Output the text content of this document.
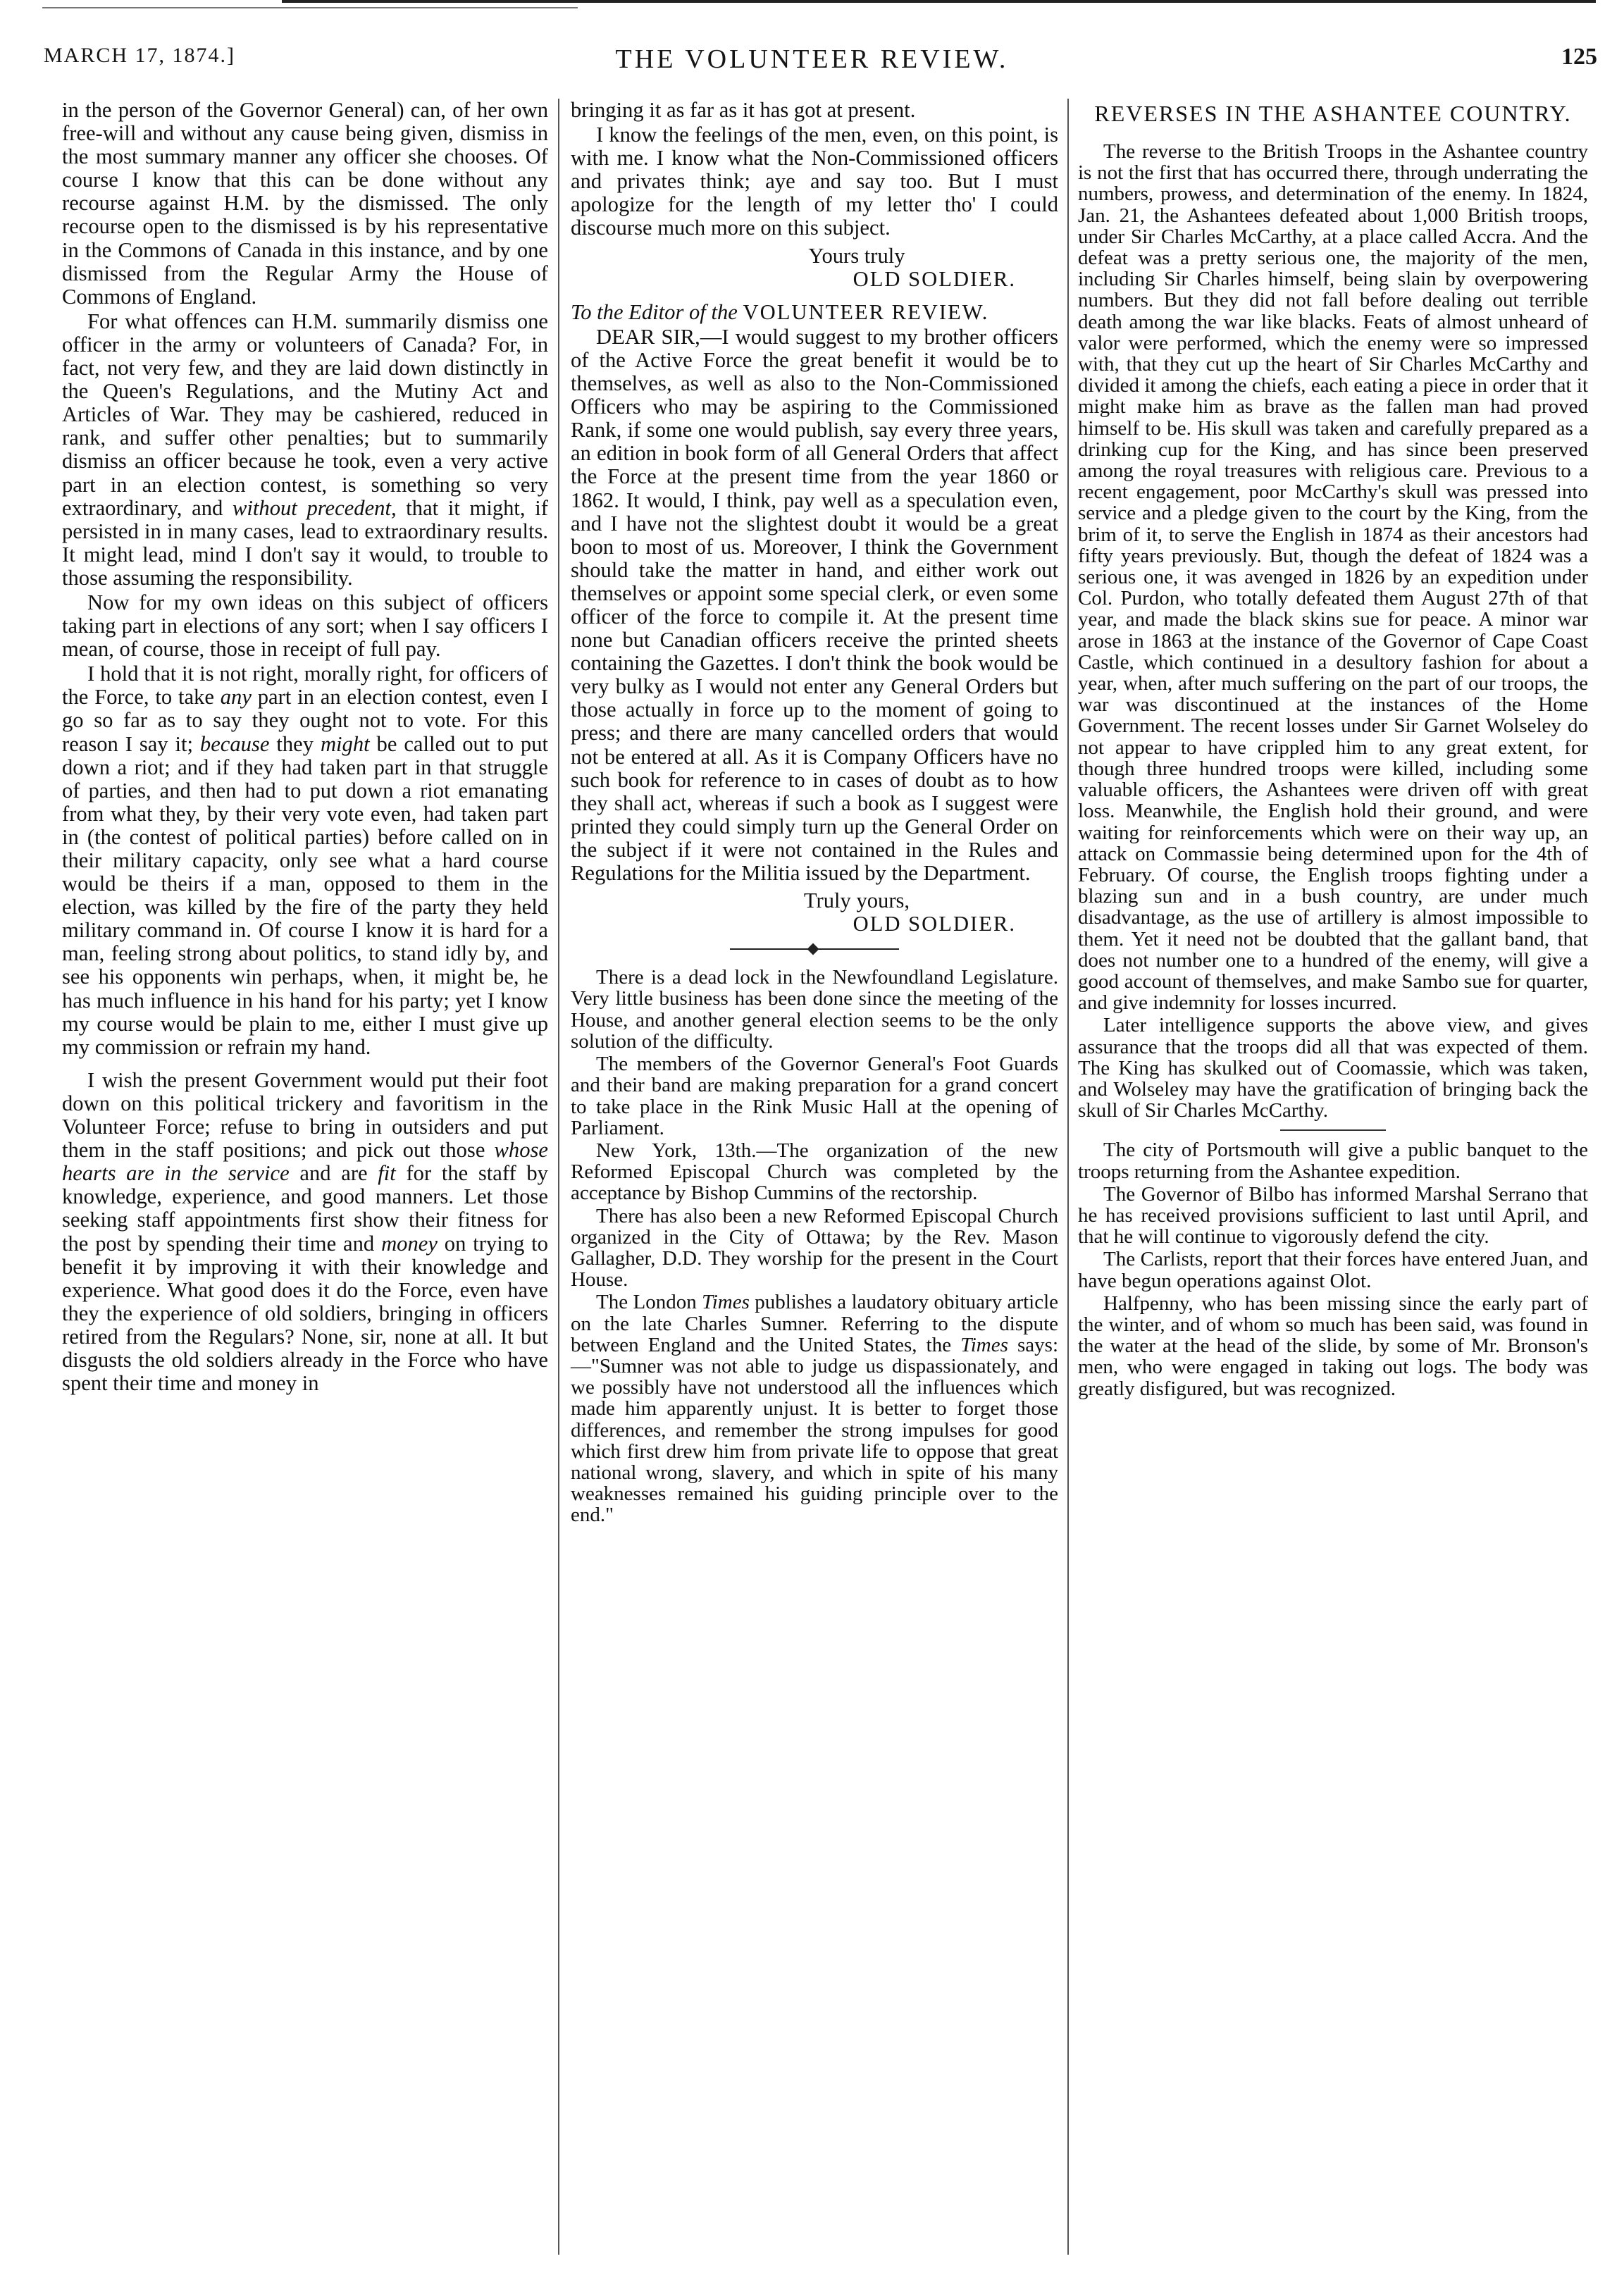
MARCH 17, 1874.]	THE VOLUNTEER REVIEW.	125

in the person of the Governor General) can, of her own free-will and without any cause being given, dismiss in the most summary manner any officer she chooses. Of course I know that this can be done without any recourse against H.M. by the dismissed. The only recourse open to the dismissed is by his representative in the Commons of Canada in this instance, and by one dismissed from the Regular Army the House of Commons of England.

For what offences can H.M. summarily dismiss one officer in the army or volunteers of Canada? For, in fact, not very few, and they are laid down distinctly in the Queen's Regulations, and the Mutiny Act and Articles of War. They may be cashiered, reduced in rank, and suffer other penalties; but to summarily dismiss an officer because he took, even a very active part in an election contest, is something so very extraordinary, and without precedent, that it might, if persisted in in many cases, lead to extraordinary results. It might lead, mind I don't say it would, to trouble to those assuming the responsibility.

Now for my own ideas on this subject of officers taking part in elections of any sort; when I say officers I mean, of course, those in receipt of full pay.

I hold that it is not right, morally right, for officers of the Force, to take any part in an election contest, even I go so far as to say they ought not to vote. For this reason I say it; because they might be called out to put down a riot; and if they had taken part in that struggle of parties, and then had to put down a riot emanating from what they, by their very vote even, had taken part in (the contest of political parties) before called on in their military capacity, only see what a hard course would be theirs if a man, opposed to them in the election, was killed by the fire of the party they held military command in. Of course I know it is hard for a man, feeling strong about politics, to stand idly by, and see his opponents win perhaps, when, it might be, he has much influence in his hand for his party; yet I know my course would be plain to me, either I must give up my commission or refrain my hand.

I wish the present Government would put their foot down on this political trickery and favoritism in the Volunteer Force; refuse to bring in outsiders and put them in the staff positions; and pick out those whose hearts are in the service and are fit for the staff by knowledge, experience, and good manners. Let those seeking staff appointments first show their fitness for the post by spending their time and money on trying to benefit it by improving it with their knowledge and experience. What good does it do the Force, even have they the experience of old soldiers, bringing in officers retired from the Regulars? None, sir, none at all. It but disgusts the old soldiers already in the Force who have spent their time and money in

bringing it as far as it has got at present.

I know the feelings of the men, even, on this point, is with me. I know what the Non-Commissioned officers and privates think; aye and say too. But I must apologize for the length of my letter tho' I could discourse much more on this subject.

Yours truly
OLD SOLDIER.

To the Editor of the VOLUNTEER REVIEW.

DEAR SIR,—I would suggest to my brother officers of the Active Force the great benefit it would be to themselves, as well as also to the Non-Commissioned Officers who may be aspiring to the Commissioned Rank, if some one would publish, say every three years, an edition in book form of all General Orders that affect the Force at the present time from the year 1860 or 1862. It would, I think, pay well as a speculation even, and I have not the slightest doubt it would be a great boon to most of us. Moreover, I think the Government should take the matter in hand, and either work out themselves or appoint some special clerk, or even some officer of the force to compile it. At the present time none but Canadian officers receive the printed sheets containing the Gazettes. I don't think the book would be very bulky as I would not enter any General Orders but those actually in force up to the moment of going to press; and there are many cancelled orders that would not be entered at all. As it is Company Officers have no such book for reference to in cases of doubt as to how they shall act, whereas if such a book as I suggest were printed they could simply turn up the General Order on the subject if it were not contained in the Rules and Regulations for the Militia issued by the Department.

Truly yours,
OLD SOLDIER.

There is a dead lock in the Newfoundland Legislature. Very little business has been done since the meeting of the House, and another general election seems to be the only solution of the difficulty.

The members of the Governor General's Foot Guards and their band are making preparation for a grand concert to take place in the Rink Music Hall at the opening of Parliament.

New York, 13th.—The organization of the new Reformed Episcopal Church was completed by the acceptance by Bishop Cummins of the rectorship.

There has also been a new Reformed Episcopal Church organized in the City of Ottawa; by the Rev. Mason Gallagher, D.D. They worship for the present in the Court House.

The London Times publishes a laudatory obituary article on the late Charles Sumner. Referring to the dispute between England and the United States, the Times says:—"Sumner was not able to judge us dispassionately, and we possibly have not understood all the influences which made him apparently unjust. It is better to forget those differences, and remember the strong impulses for good which first drew him from private life to oppose that great national wrong, slavery, and which in spite of his many weaknesses remained his guiding principle over to the end."

REVERSES IN THE ASHANTEE COUNTRY.

The reverse to the British Troops in the Ashantee country is not the first that has occurred there, through underrating the numbers, prowess, and determination of the enemy. In 1824, Jan. 21, the Ashantees defeated about 1,000 British troops, under Sir Charles McCarthy, at a place called Accra. And the defeat was a pretty serious one, the majority of the men, including Sir Charles himself, being slain by overpowering numbers. But they did not fall before dealing out terrible death among the war like blacks. Feats of almost unheard of valor were performed, which the enemy were so impressed with, that they cut up the heart of Sir Charles McCarthy and divided it among the chiefs, each eating a piece in order that it might make him as brave as the fallen man had proved himself to be. His skull was taken and carefully prepared as a drinking cup for the King, and has since been preserved among the royal treasures with religious care. Previous to a recent engagement, poor McCarthy's skull was pressed into service and a pledge given to the court by the King, from the brim of it, to serve the English in 1874 as their ancestors had fifty years previously. But, though the defeat of 1824 was a serious one, it was avenged in 1826 by an expedition under Col. Purdon, who totally defeated them August 27th of that year, and made the black skins sue for peace. A minor war arose in 1863 at the instance of the Governor of Cape Coast Castle, which continued in a desultory fashion for about a year, when, after much suffering on the part of our troops, the war was discontinued at the instances of the Home Government. The recent losses under Sir Garnet Wolseley do not appear to have crippled him to any great extent, for though three hundred troops were killed, including some valuable officers, the Ashantees were driven off with great loss. Meanwhile, the English hold their ground, and were waiting for reinforcements which were on their way up, an attack on Commassie being determined upon for the 4th of February. Of course, the English troops fighting under a blazing sun and in a bush country, are under much disadvantage, as the use of artillery is almost impossible to them. Yet it need not be doubted that the gallant band, that does not number one to a hundred of the enemy, will give a good account of themselves, and make Sambo sue for quarter, and give indemnity for losses incurred.

Later intelligence supports the above view, and gives assurance that the troops did all that was expected of them. The King has skulked out of Coomassie, which was taken, and Wolseley may have the gratification of bringing back the skull of Sir Charles McCarthy.

The city of Portsmouth will give a public banquet to the troops returning from the Ashantee expedition.

The Governor of Bilbo has informed Marshal Serrano that he has received provisions sufficient to last until April, and that he will continue to vigorously defend the city.

The Carlists, report that their forces have entered Juan, and have begun operations against Olot.

Halfpenny, who has been missing since the early part of the winter, and of whom so much has been said, was found in the water at the head of the slide, by some of Mr. Bronson's men, who were engaged in taking out logs. The body was greatly disfigured, but was recognized.
